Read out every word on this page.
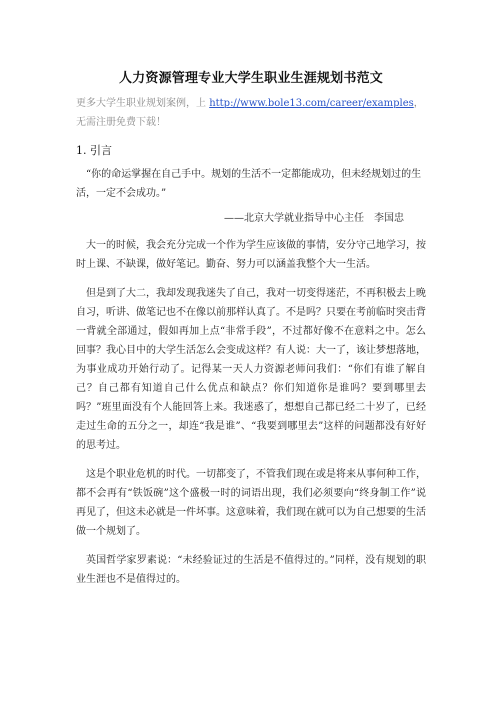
人力资源管理专业大学生职业生涯规划书范文
更多大学生职业规划案例，上 http://www.bole13.com/career/examples，无需注册免费下载！
1. 引言

“你的命运掌握在自己手中。规划的生活不一定都能成功，但未经规划过的生活，一定不会成功。”

——北京大学就业指导中心主任　李国忠

大一的时候，我会充分完成一个作为学生应该做的事情，安分守己地学习，按时上课、不缺课，做好笔记。勤奋、努力可以涵盖我整个大一生活。

但是到了大二，我却发现我迷失了自己，我对一切变得迷茫，不再积极去上晚自习，听讲、做笔记也不在像以前那样认真了。不是吗？只要在考前临时突击背一背就全部通过，假如再加上点“非常手段”，不过都好像不在意料之中。怎么回事？我心目中的大学生活怎么会变成这样？有人说：大一了，该让梦想落地，为事业成功开始行动了。记得某一天人力资源老师问我们：“你们有谁了解自己？自己都有知道自己什么优点和缺点？你们知道你是谁吗？要到哪里去吗？”班里面没有个人能回答上来。我迷惑了，想想自己都已经二十岁了，已经走过生命的五分之一，却连“我是谁”、“我要到哪里去”这样的问题都没有好好的思考过。

这是个职业危机的时代。一切都变了，不管我们现在或是将来从事何种工作，都不会再有“铁饭碗”这个盛极一时的词语出现，我们必须要向“终身制工作”说再见了，但这未必就是一件坏事。这意味着，我们现在就可以为自己想要的生活做一个规划了。

英国哲学家罗素说：“未经验证过的生活是不值得过的。”同样，没有规划的职业生涯也不是值得过的。
